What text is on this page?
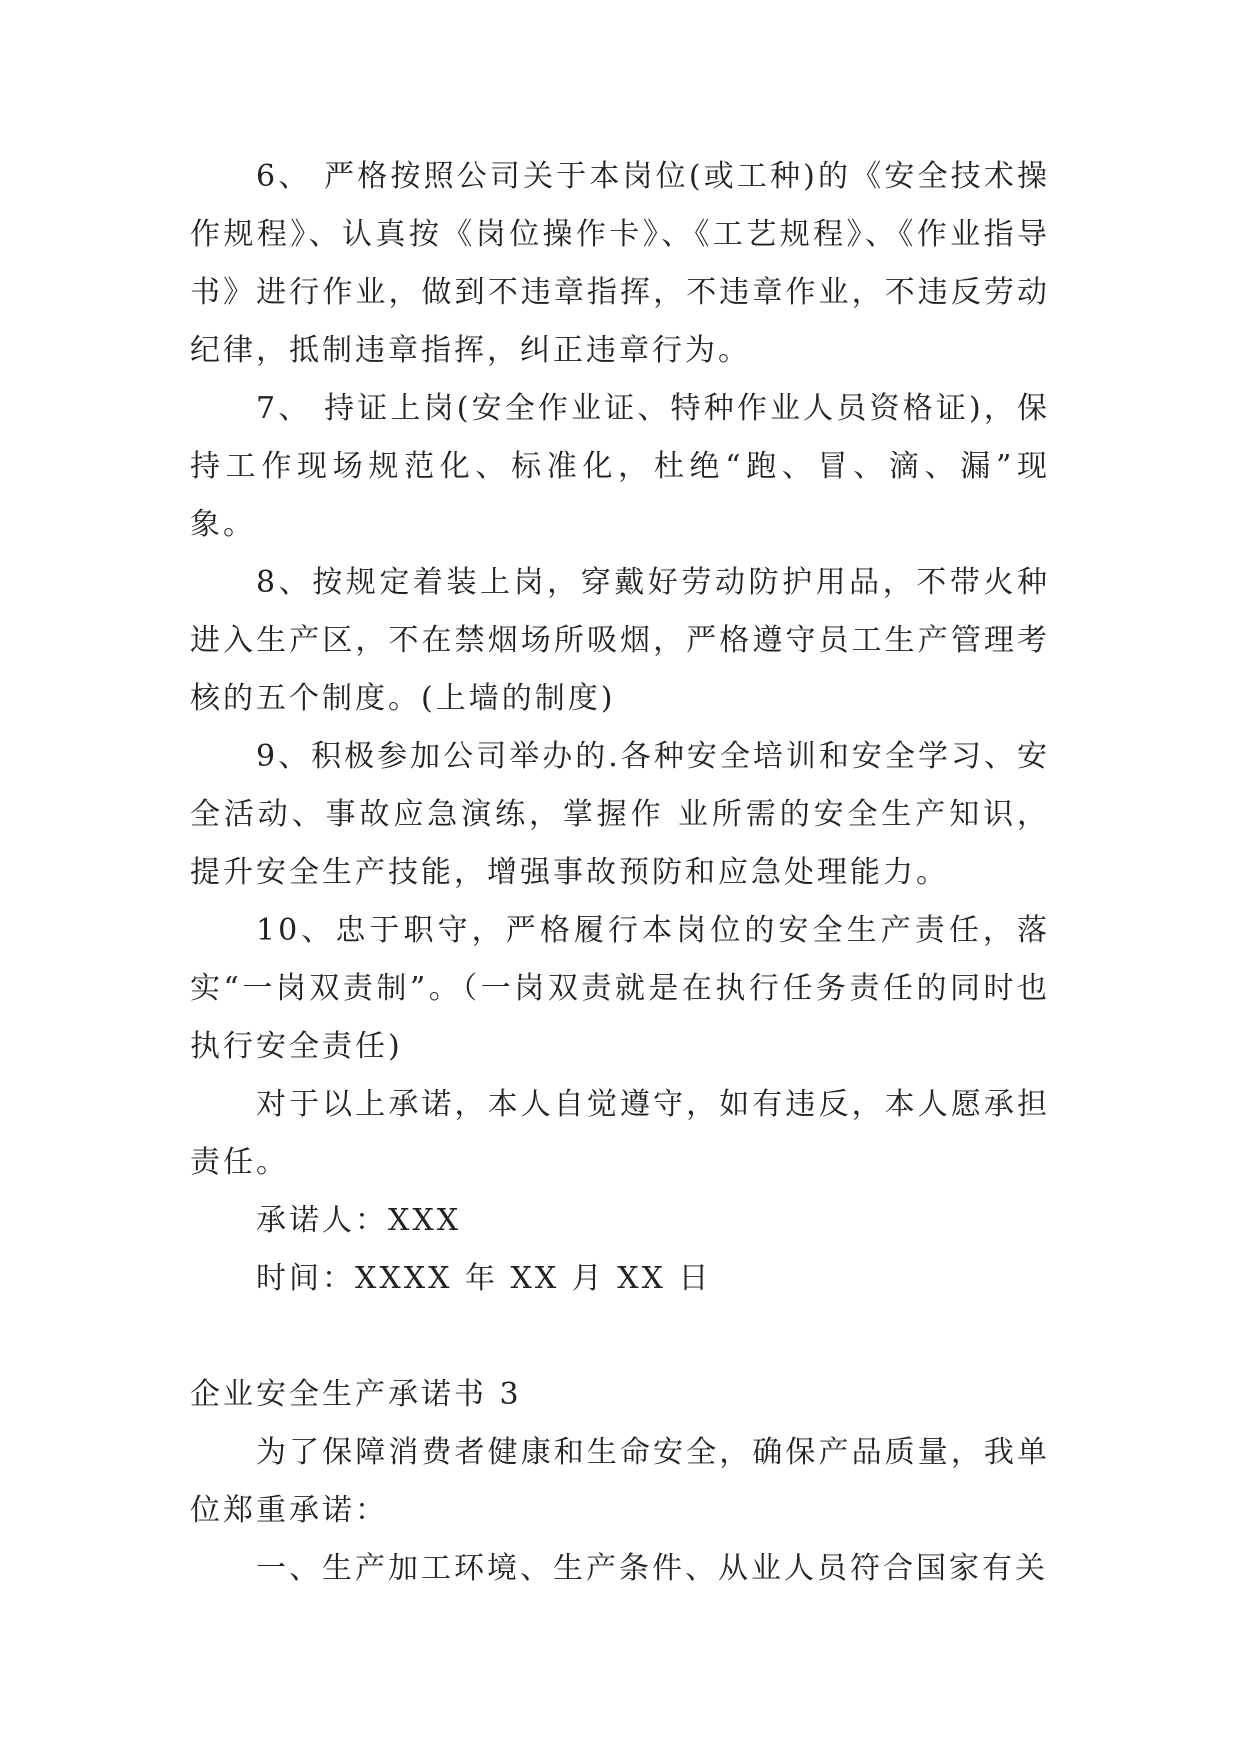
6、 严格按照公司关于本岗位(或工种)的《安全技术操作规程》、认真按《岗位操作卡》、《工艺规程》、《作业指导书》进行作业，做到不违章指挥，不违章作业，不违反劳动纪律，抵制违章指挥，纠正违章行为。

7、 持证上岗(安全作业证、特种作业人员资格证)，保持工作现场规范化、标准化，杜绝“跑、冒、滴、漏”现象。

8、按规定着装上岗，穿戴好劳动防护用品，不带火种进入生产区，不在禁烟场所吸烟，严格遵守员工生产管理考核的五个制度。(上墙的制度)

9、积极参加公司举办的.各种安全培训和安全学习、安全活动、事故应急演练，掌握作 业所需的安全生产知识，提升安全生产技能，增强事故预防和应急处理能力。

10、忠于职守，严格履行本岗位的安全生产责任，落实“一岗双责制”。（一岗双责就是在执行任务责任的同时也执行安全责任)

对于以上承诺，本人自觉遵守，如有违反，本人愿承担责任。

承诺人：XXX

时间：XXXX 年 XX 月 XX 日

企业安全生产承诺书 3

为了保障消费者健康和生命安全，确保产品质量，我单位郑重承诺：

一、生产加工环境、生产条件、从业人员符合国家有关
